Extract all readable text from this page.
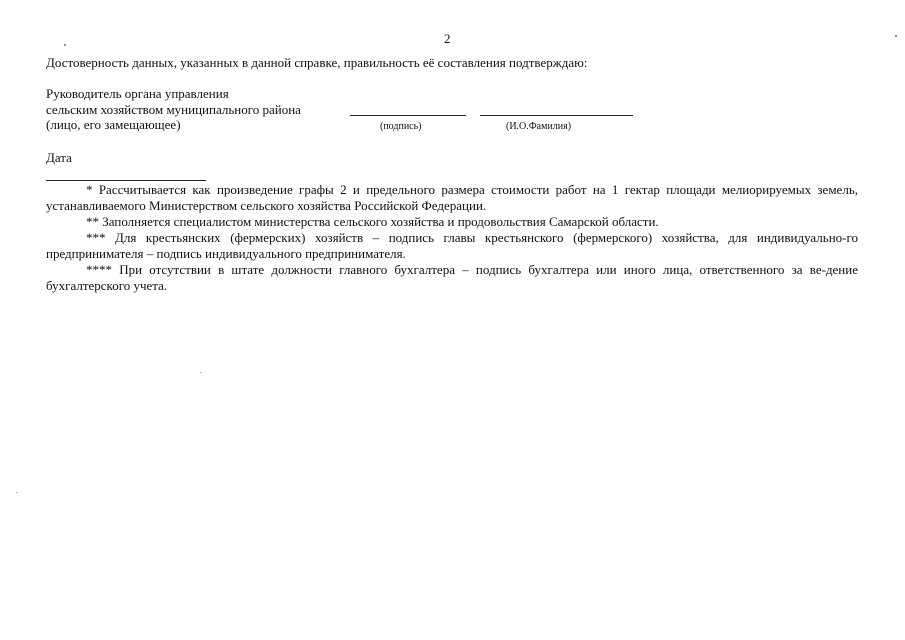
2
Достоверность данных, указанных в данной справке, правильность её составления подтверждаю:
Руководитель органа управления
сельским хозяйством муниципального района
(лицо, его замещающее)	(подпись)	(И.О.Фамилия)
Дата

* Рассчитывается как произведение графы 2 и предельного размера стоимости работ на 1 гектар площади мелиорируемых земель, устанавливаемого Министерством сельского хозяйства Российской Федерации.

** Заполняется специалистом министерства сельского хозяйства и продовольствия Самарской области.

*** Для крестьянских (фермерских) хозяйств – подпись главы крестьянского (фермерского) хозяйства, для индивидуально-го предпринимателя – подпись индивидуального предпринимателя.

**** При отсутствии в штате должности главного бухгалтера – подпись бухгалтера или иного лица, ответственного за ве-дение бухгалтерского учета.
